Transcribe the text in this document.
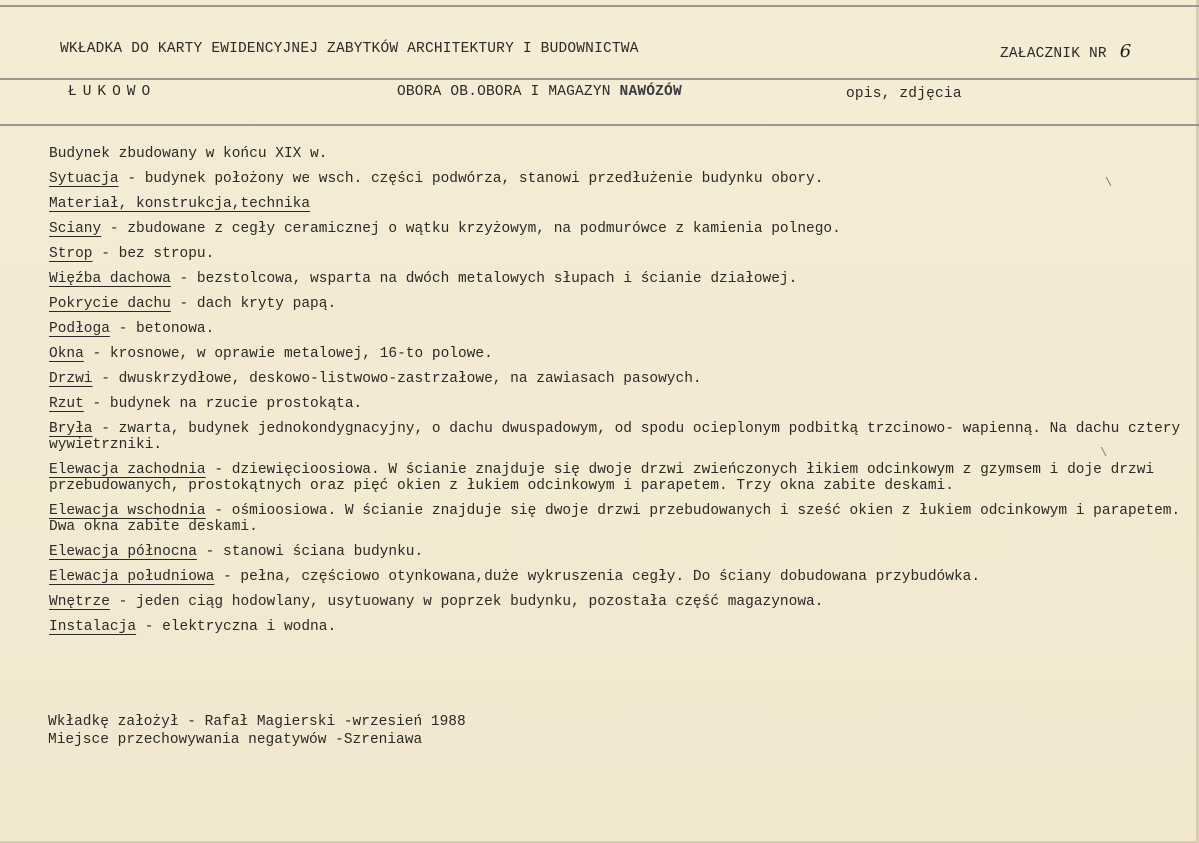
WKŁADKA DO KARTY EWIDENCYJNEJ ZABYTKÓW ARCHITEKTURY I BUDOWNICTWA	ZAŁACZNIK NR 6
ŁUKOWO	OBORA OB.OBORA I MAGAZYN NAWÓZÓW	opis, zdjęcia
Budynek zbudowany w końcu XIX w.
Sytuacja - budynek położony we wsch. części podwórza, stanowi przedłużenie budynku obory.
Materiał, konstrukcja,technika
Sciany - zbudowane z cegły ceramicznej o wątku krzyżowym, na podmurówce z kamienia polnego.
Strop - bez stropu.
Więźba dachowa - bezstolcowa, wsparta na dwóch metalowych słupach i ścianie działowej.
Pokrycie dachu - dach kryty papą.
Podłoga - betonowa.
Okna - krosnowe, w oprawie metalowej, 16-to polowe.
Drzwi - dwuskrzydłowe, deskowo-listwowo-zastrzałowe, na zawiasach pasowych.
Rzut - budynek na rzucie prostokąta.
Bryła - zwarta, budynek jednokondygnacyjny, o dachu dwuspadowym, od spodu ocieplonym podbitką trzcinowo- wapienną. Na dachu cztery wywietrzniki.
Elewacja zachodnia - dziewięcioosiowa. W ścianie znajduje się dwoje drzwi zwieńczonych łikiem odcinkowym z gzymsem i doje drzwi przebudowanych, prostokątnych oraz pięć okien z łukiem odcinkowym i parapetem. Trzy okna zabite deskami.
Elewacja wschodnia - ośmioosiowa. W ścianie znajduje się dwoje drzwi przebudowanych i sześć okien z łukiem odcinkowym i parapetem. Dwa okna zabite deskami.
Elewacja północna - stanowi ściana budynku.
Elewacja południowa - pełna, częściowo otynkowana,duże wykruszenia cegły. Do ściany dobudowana przybudówka.
Wnętrze - jeden ciąg hodowlany, usytuowany w poprzek budynku, pozostała część magazynowa.
Instalacja - elektryczna i wodna.
Wkładkę założył - Rafał Magierski -wrzesień 1988
Miejsce przechowywania negatywów -Szreniawa
\
\
